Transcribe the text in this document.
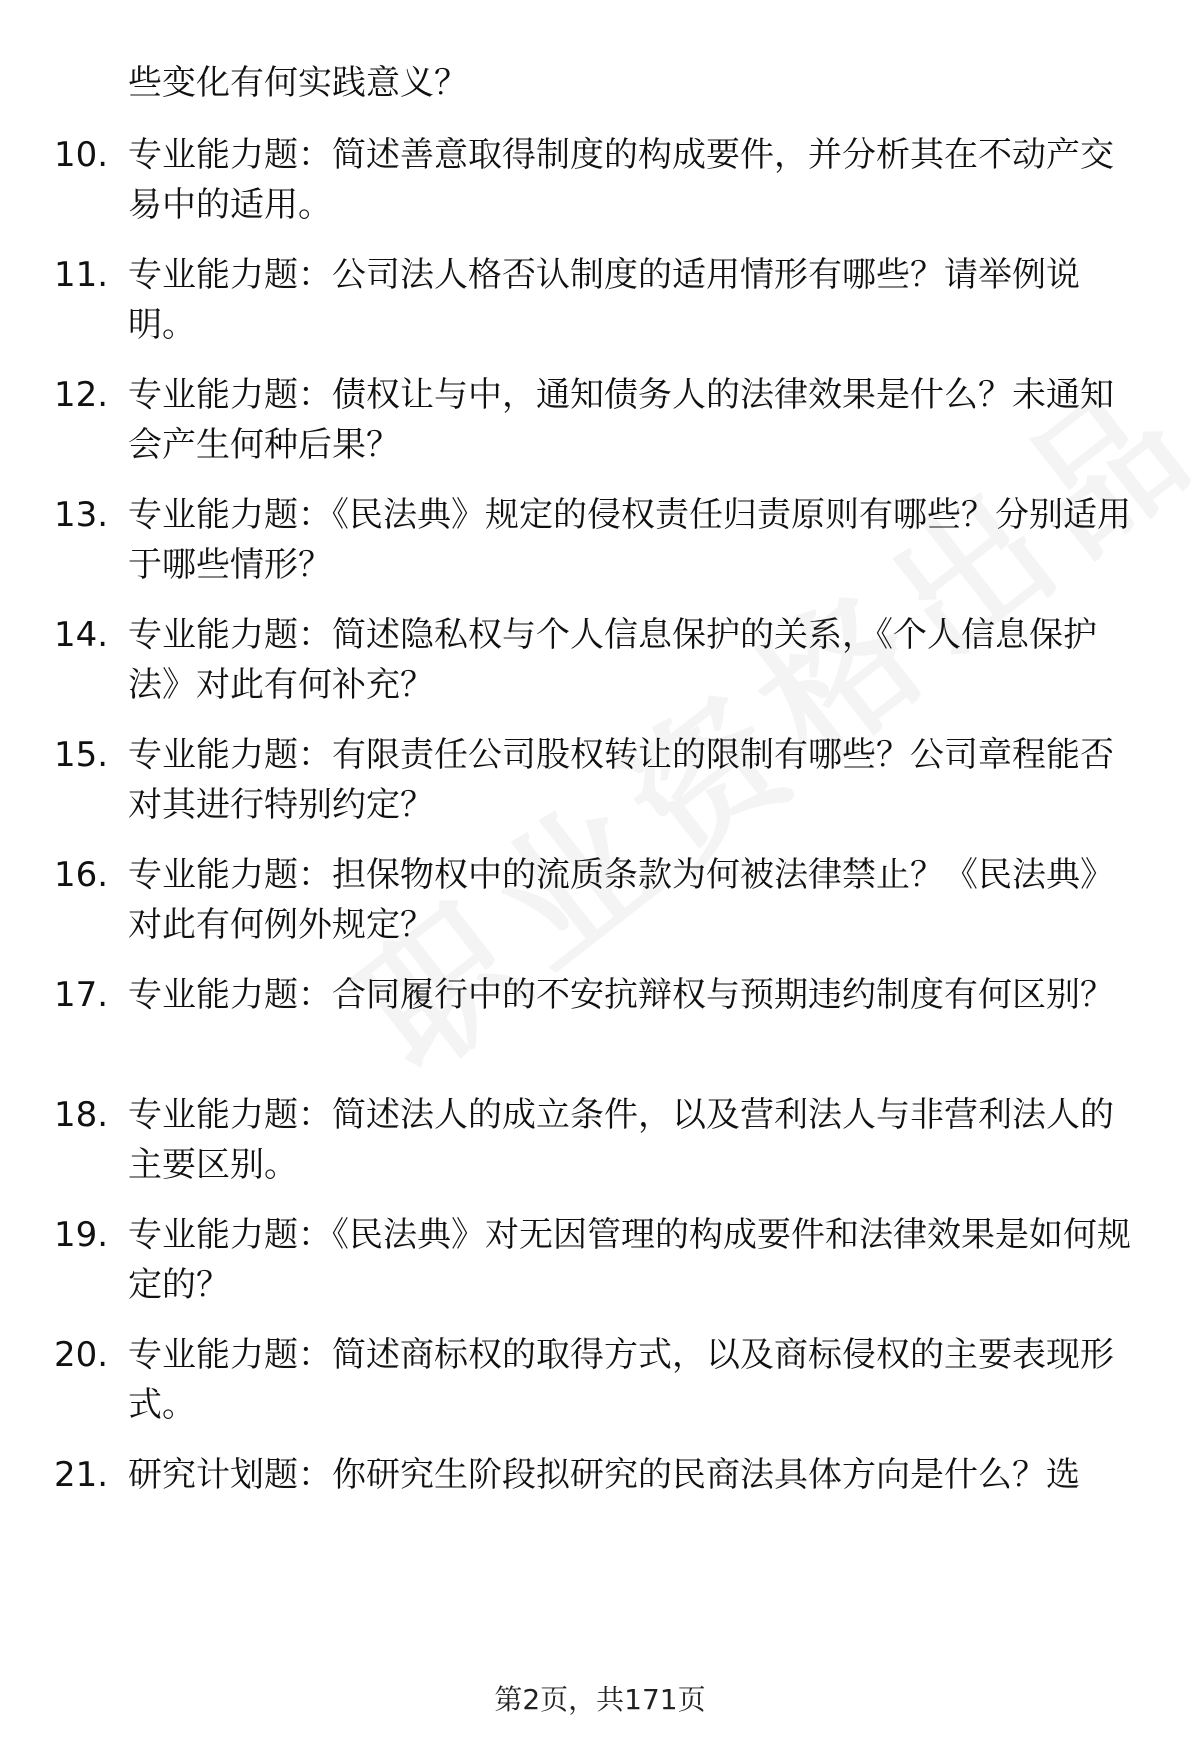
些变化有何实践意义？
10. 专业能力题：简述善意取得制度的构成要件，并分析其在不动产交易中的适用。
11. 专业能力题：公司法人格否认制度的适用情形有哪些？请举例说明。
12. 专业能力题：债权让与中，通知债务人的法律效果是什么？未通知会产生何种后果？
13. 专业能力题：《民法典》规定的侵权责任归责原则有哪些？分别适用于哪些情形？
14. 专业能力题：简述隐私权与个人信息保护的关系，《个人信息保护法》对此有何补充？
15. 专业能力题：有限责任公司股权转让的限制有哪些？公司章程能否对其进行特别约定？
16. 专业能力题：担保物权中的流质条款为何被法律禁止？《民法典》对此有何例外规定？
17. 专业能力题：合同履行中的不安抗辩权与预期违约制度有何区别？
18. 专业能力题：简述法人的成立条件，以及营利法人与非营利法人的主要区别。
19. 专业能力题：《民法典》对无因管理的构成要件和法律效果是如何规定的？
20. 专业能力题：简述商标权的取得方式，以及商标侵权的主要表现形式。
21. 研究计划题：你研究生阶段拟研究的民商法具体方向是什么？选
第2页，共171页
